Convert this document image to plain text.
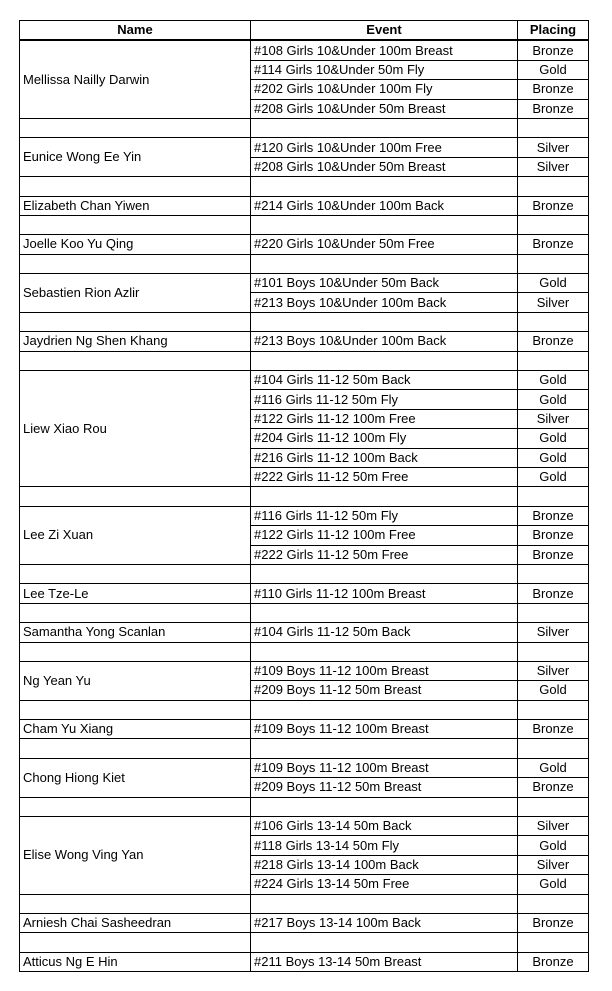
Name	Event	Placing
Mellissa Nailly Darwin	#108 Girls 10&Under 100m Breast	Bronze
	#114 Girls 10&Under 50m Fly	Gold
	#202 Girls 10&Under 100m Fly	Bronze
	#208 Girls 10&Under 50m Breast	Bronze

Eunice Wong Ee Yin	#120 Girls 10&Under 100m Free	Silver
	#208 Girls 10&Under 50m Breast	Silver

Elizabeth Chan Yiwen	#214 Girls 10&Under 100m Back	Bronze

Joelle Koo Yu Qing	#220 Girls 10&Under 50m Free	Bronze

Sebastien Rion Azlir	#101 Boys 10&Under 50m Back	Gold
	#213 Boys 10&Under 100m Back	Silver

Jaydrien Ng Shen Khang	#213 Boys 10&Under 100m Back	Bronze

Liew Xiao Rou	#104 Girls 11-12 50m Back	Gold
	#116 Girls 11-12 50m Fly	Gold
	#122 Girls 11-12 100m Free	Silver
	#204 Girls 11-12 100m Fly	Gold
	#216 Girls 11-12 100m Back	Gold
	#222 Girls 11-12 50m Free	Gold

Lee Zi Xuan	#116 Girls 11-12 50m Fly	Bronze
	#122 Girls 11-12 100m Free	Bronze
	#222 Girls 11-12 50m Free	Bronze

Lee Tze-Le	#110 Girls 11-12 100m Breast	Bronze

Samantha Yong Scanlan	#104 Girls 11-12 50m Back	Silver

Ng Yean Yu	#109 Boys 11-12 100m Breast	Silver
	#209 Boys 11-12 50m Breast	Gold

Cham Yu Xiang	#109 Boys 11-12 100m Breast	Bronze

Chong Hiong Kiet	#109 Boys 11-12 100m Breast	Gold
	#209 Boys 11-12 50m Breast	Bronze

Elise Wong Ving Yan	#106 Girls 13-14 50m Back	Silver
	#118 Girls 13-14 50m Fly	Gold
	#218 Girls 13-14 100m Back	Silver
	#224 Girls 13-14 50m Free	Gold

Arniesh Chai Sasheedran	#217 Boys 13-14 100m Back	Bronze

Atticus Ng E Hin	#211 Boys 13-14 50m Breast	Bronze
